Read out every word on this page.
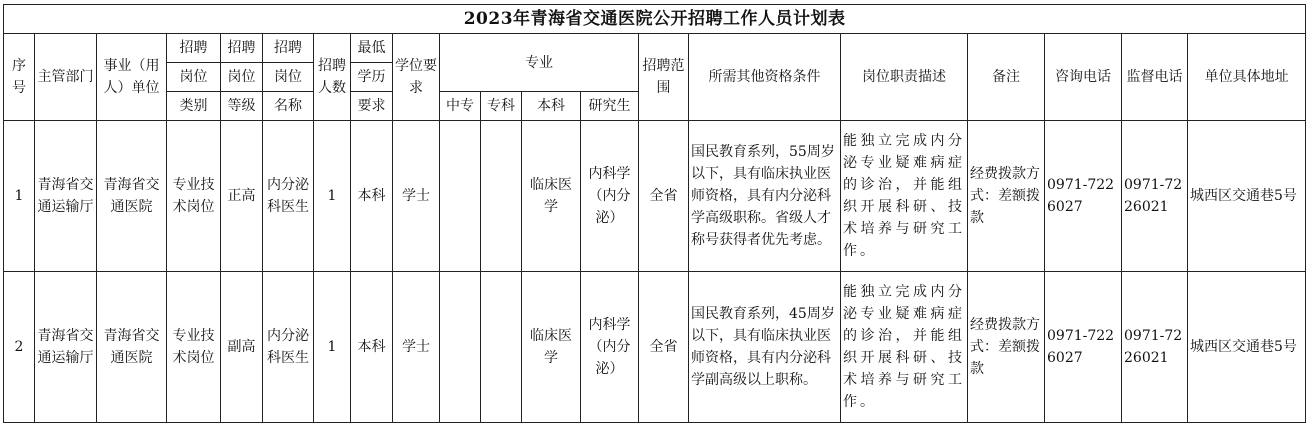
2023年青海省交通医院公开招聘工作人员计划表																			
序号	主管部门	事业（用人）单位	招聘	招聘	招聘	招聘人数	最低	学位要求	专业				招聘范围	所需其他资格条件	岗位职责描述	备注	咨询电话	监督电话	单位具体地址
			岗位	岗位	岗位		学历												
			类别	等级	名称		要求		中专	专科	本科	研究生							
1	青海省交通运输厅	青海省交通医院	专业技术岗位	正高	内分泌科医生	1	本科	学士			临床医学	内科学（内分泌）	全省	国民教育系列，55周岁以下，具有临床执业医师资格，具有内分泌科学高级职称。省级人才称号获得者优先考虑。	能独立完成内分泌专业疑难病症的诊治，并能组织开展科研、技术培养与研究工作。	经费拨款方式：差额拨款	0971-7226027	0971-7226021	城西区交通巷5号
2	青海省交通运输厅	青海省交通医院	专业技术岗位	副高	内分泌科医生	1	本科	学士			临床医学	内科学（内分泌）	全省	国民教育系列，45周岁以下，具有临床执业医师资格，具有内分泌科学副高级以上职称。	能独立完成内分泌专业疑难病症的诊治，并能组织开展科研、技术培养与研究工作。	经费拨款方式：差额拨款	0971-7226027	0971-7226021	城西区交通巷5号
